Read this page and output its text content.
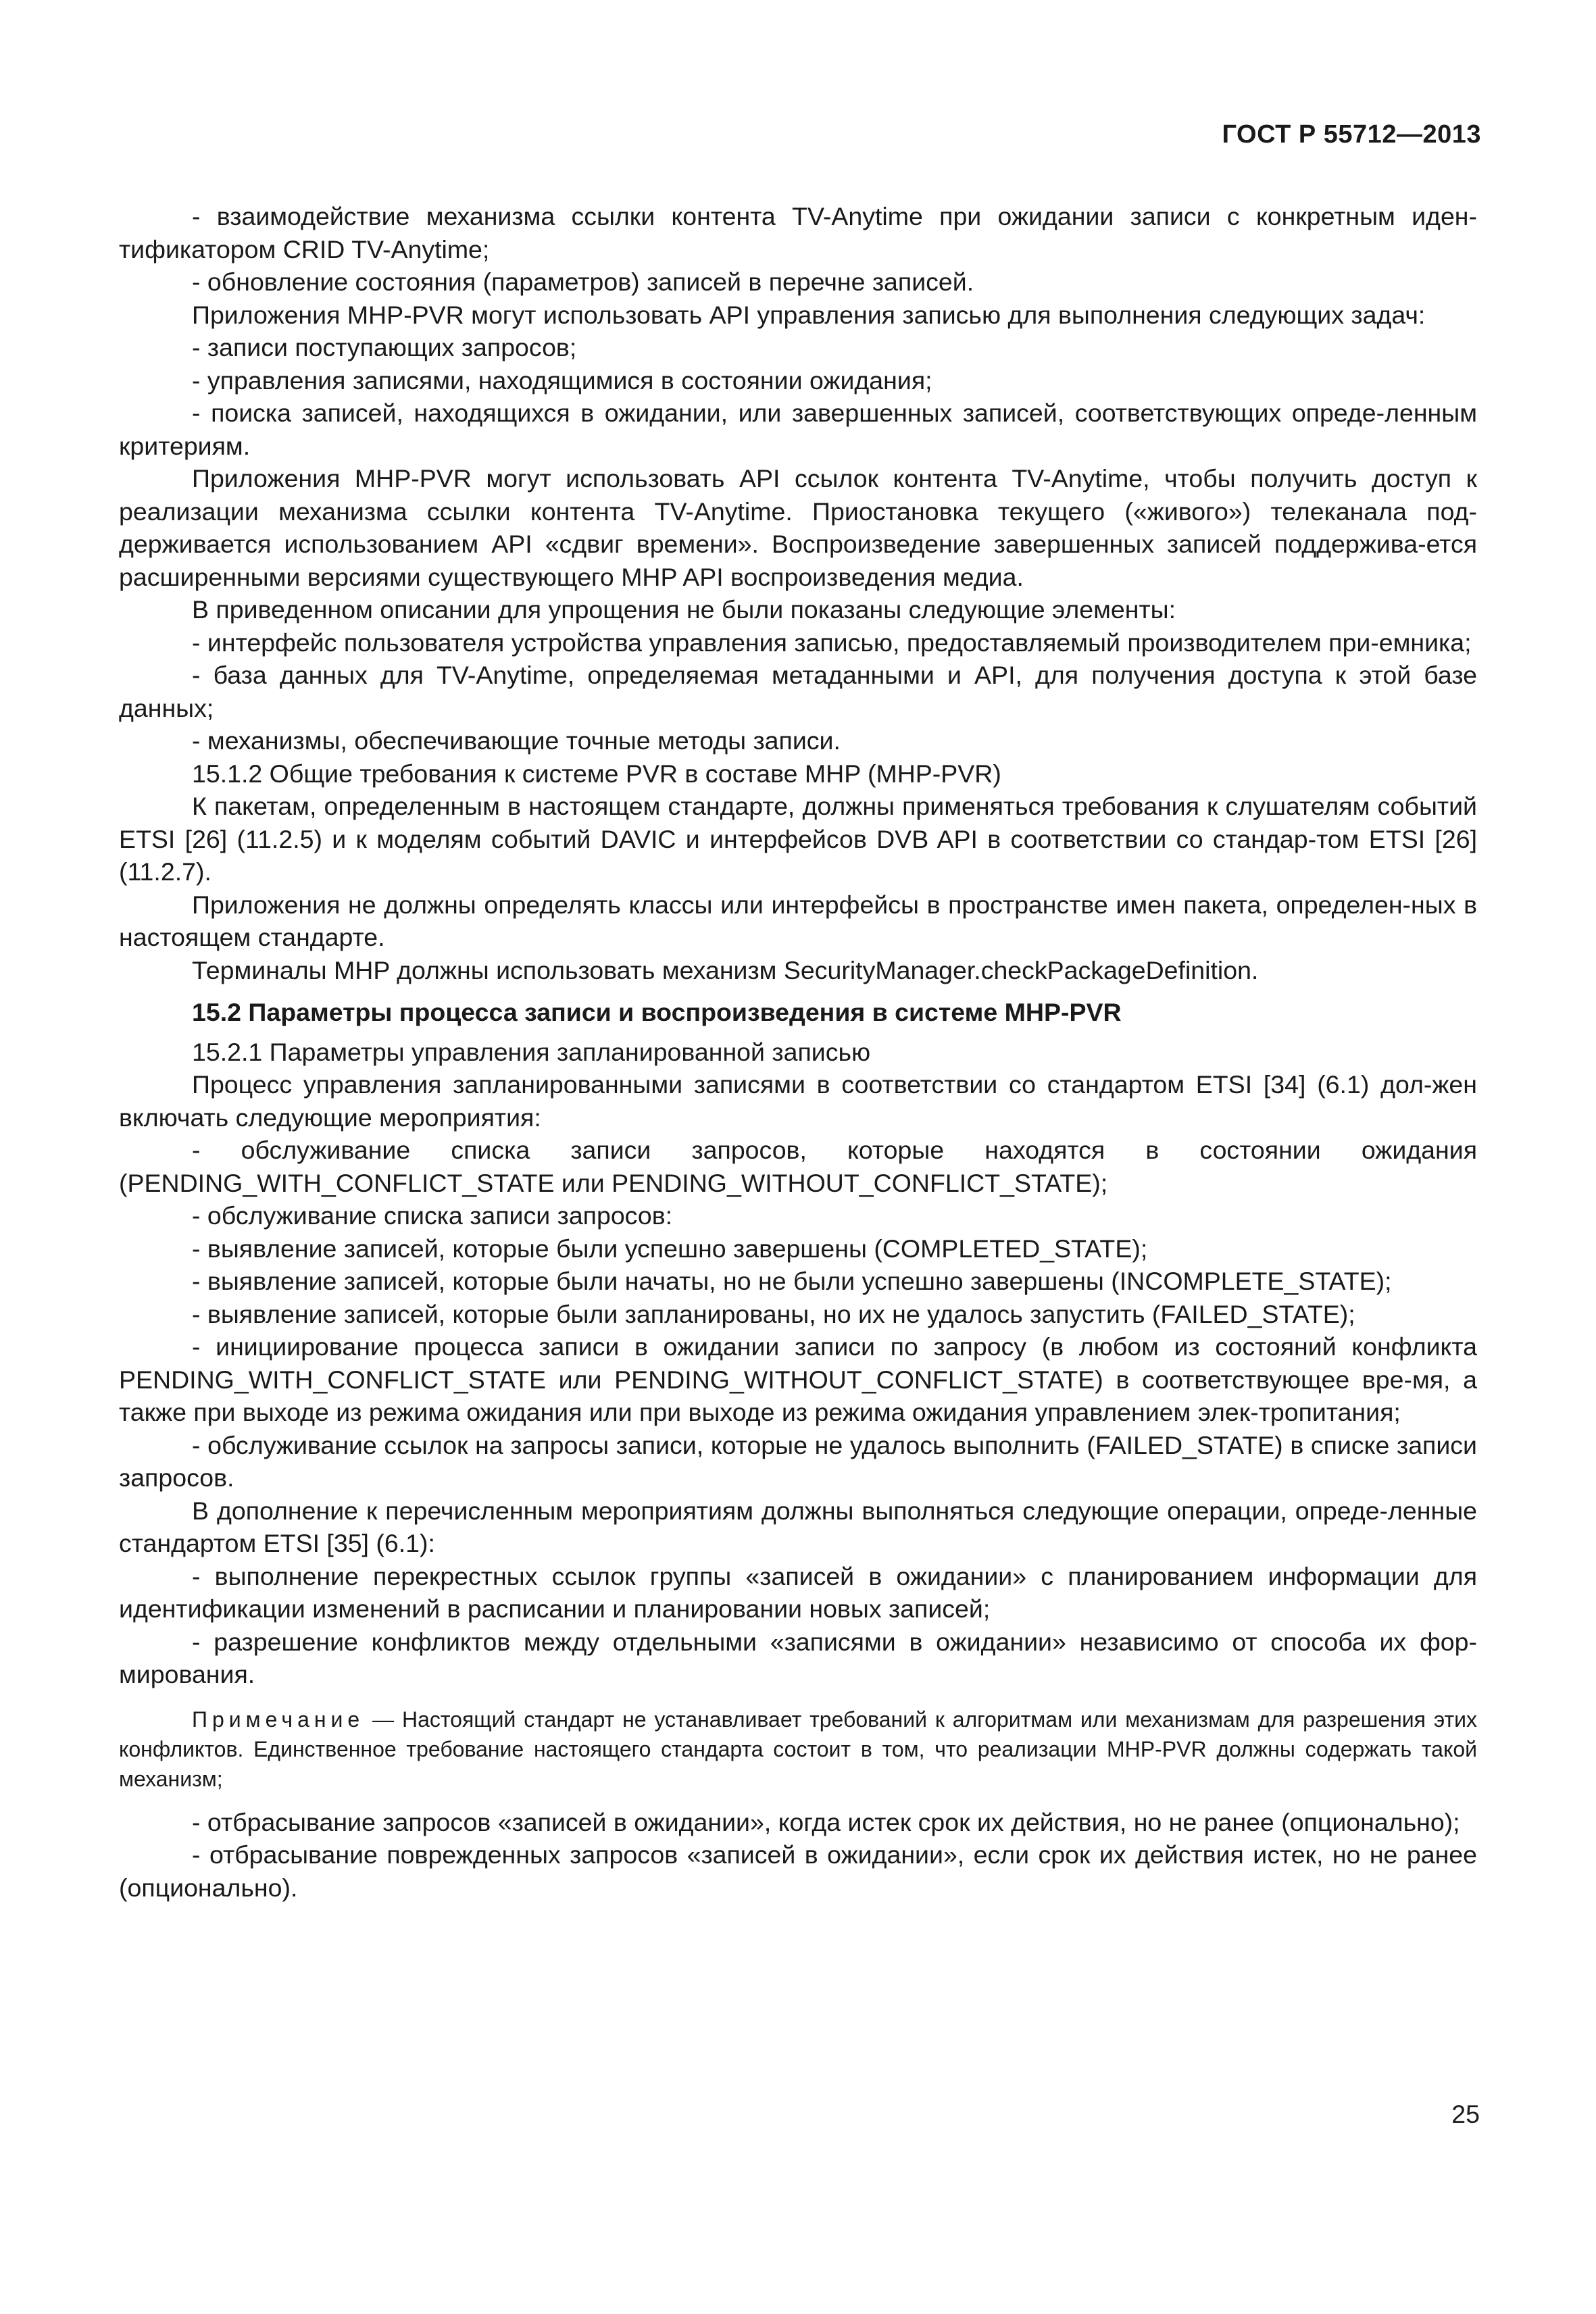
ГОСТ Р 55712—2013

- взаимодействие механизма ссылки контента TV-Anytime при ожидании записи с конкретным иден-тификатором CRID TV-Anytime;

- обновление состояния (параметров) записей в перечне записей.

Приложения MHP-PVR могут использовать API управления записью для выполнения следующих задач:

- записи поступающих запросов;

- управления записями, находящимися в состоянии ожидания;

- поиска записей, находящихся в ожидании, или завершенных записей, соответствующих опреде-ленным критериям.

Приложения MHP-PVR могут использовать API ссылок контента TV-Anytime, чтобы получить доступ к реализации механизма ссылки контента TV-Anytime. Приостановка текущего («живого») телеканала под-держивается использованием API «сдвиг времени». Воспроизведение завершенных записей поддержива-ется расширенными версиями существующего MHP API воспроизведения медиа.

В приведенном описании для упрощения не были показаны следующие элементы:

- интерфейс пользователя устройства управления записью, предоставляемый производителем при-емника;

- база данных для TV-Anytime, определяемая метаданными и API, для получения доступа к этой базе данных;

- механизмы, обеспечивающие точные методы записи.

15.1.2 Общие требования к системе PVR в составе MHP (MHP-PVR)

К пакетам, определенным в настоящем стандарте, должны применяться требования к слушателям событий ETSI [26] (11.2.5) и к моделям событий DAVIC и интерфейсов DVB API в соответствии со стандар-том ETSI [26] (11.2.7).

Приложения не должны определять классы или интерфейсы в пространстве имен пакета, определен-ных в настоящем стандарте.

Терминалы MHP должны использовать механизм SecurityManager.checkPackageDefinition.

15.2 Параметры процесса записи и воспроизведения в системе MHP-PVR

15.2.1 Параметры управления запланированной записью

Процесс управления запланированными записями в соответствии со стандартом ETSI [34] (6.1) дол-жен включать следующие мероприятия:

- обслуживание списка записи запросов, которые находятся в состоянии ожидания (PENDING_WITH_CONFLICT_STATE или PENDING_WITHOUT_CONFLICT_STATE);

- обслуживание списка записи запросов:

- выявление записей, которые были успешно завершены (COMPLETED_STATE);

- выявление записей, которые были начаты, но не были успешно завершены (INCOMPLETE_STATE);

- выявление записей, которые были запланированы, но их не удалось запустить (FAILED_STATE);

- инициирование процесса записи в ожидании записи по запросу (в любом из состояний конфликта PENDING_WITH_CONFLICT_STATE или PENDING_WITHOUT_CONFLICT_STATE) в соответствующее вре-мя, а также при выходе из режима ожидания или при выходе из режима ожидания управлением элек-тропитания;

- обслуживание ссылок на запросы записи, которые не удалось выполнить (FAILED_STATE) в списке записи запросов.

В дополнение к перечисленным мероприятиям должны выполняться следующие операции, опреде-ленные стандартом ETSI [35] (6.1):

- выполнение перекрестных ссылок группы «записей в ожидании» с планированием информации для идентификации изменений в расписании и планировании новых записей;

- разрешение конфликтов между отдельными «записями в ожидании» независимо от способа их фор-мирования.

Примечание — Настоящий стандарт не устанавливает требований к алгоритмам или механизмам для разрешения этих конфликтов. Единственное требование настоящего стандарта состоит в том, что реализации MHP-PVR должны содержать такой механизм;

- отбрасывание запросов «записей в ожидании», когда истек срок их действия, но не ранее (опционально);

- отбрасывание поврежденных запросов «записей в ожидании», если срок их действия истек, но не ранее (опционально).

25
